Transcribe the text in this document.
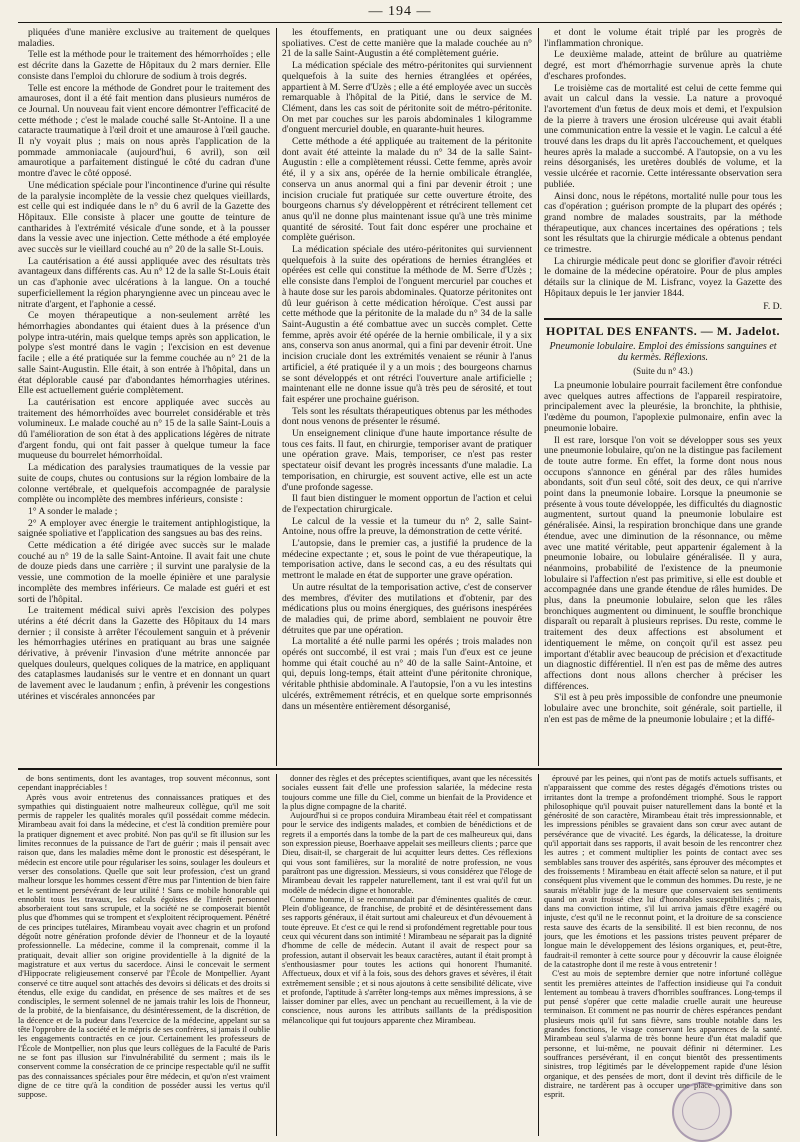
— 194 —

pliquées d'une manière exclusive au traitement de quelques maladies.

Telle est la méthode pour le traitement des hémorrhoïdes ; elle est décrite dans la Gazette de Hôpitaux du 2 mars dernier. Elle consiste dans l'emploi du chlorure de sodium à trois degrés.

Telle est encore la méthode de Gondret pour le traitement des amauroses, dont il a été fait mention dans plusieurs numéros de ce Journal. Un nouveau fait vient encore démontrer l'efficacité de cette méthode ; c'est le malade couché salle St-Antoine. Il a une cataracte traumatique à l'œil droit et une amaurose à l'œil gauche. Il n'y voyait plus ; mais on nous après l'application de la pommade ammoniacale (aujourd'hui, 6 avril), son œil amaurotique a parfaitement distingué le côté du cadran d'une montre d'avec le côté opposé.

Une médication spéciale pour l'incontinence d'urine qui résulte de la paralysie incomplète de la vessie chez quelques vieillards, est celle qui est indiquée dans le n° du 6 avril de la Gazette des Hôpitaux. Elle consiste à placer une goutte de teinture de cantharides à l'extrémité vésicale d'une sonde, et à la pousser dans la vessie avec une injection. Cette méthode a été employée avec succès sur le vieillard couché au n° 20 de la salle St-Louis.

La cautérisation a été aussi appliquée avec des résultats très avantageux dans différents cas. Au n° 12 de la salle St-Louis était un cas d'aphonie avec ulcérations à la langue. On a touché superficiellement la région pharyngienne avec un pinceau avec le nitrate d'argent, et l'aphonie a cessé.

Ce moyen thérapeutique a non-seulement arrêté les hémorrhagies abondantes qui étaient dues à la présence d'un polype intra-utérin, mais quelque temps après son application, le polype s'est montré dans le vagin ; l'excision en est devenue facile ; elle a été pratiquée sur la femme couchée au n° 21 de la salle Saint-Augustin. Elle était, à son entrée à l'hôpital, dans un état déplorable causé par d'abondantes hémorrhagies utérines. Elle est actuellement guérie complètement.

La cautérisation est encore appliquée avec succès au traitement des hémorrhoïdes avec bourrelet considérable et très volumineux. Le malade couché au n° 15 de la salle Saint-Louis a dû l'amélioration de son état à des applications légères de nitrate d'argent fondu, qui ont fait passer à quelque tumeur la face muqueuse du bourrelet hémorrhoïdal.

La médication des paralysies traumatiques de la vessie par suite de coups, chutes ou contusions sur la région lombaire de la colonne vertébrale, et quelquefois accompagnée de paralysie complète ou incomplète des membres inférieurs, consiste :

1° A sonder le malade ;

2° A employer avec énergie le traitement antiphlogistique, la saignée spoliative et l'application des sangsues au bas des reins.

Cette médication a été dirigée avec succès sur le malade couché au n° 19 de la salle Saint-Antoine. Il avait fait une chute de douze pieds dans une carrière ; il survint une paralysie de la vessie, une commotion de la moelle épinière et une paralysie incomplète des membres inférieurs. Ce malade est guéri et est sorti de l'hôpital.

Le traitement médical suivi après l'excision des polypes utérins a été décrit dans la Gazette des Hôpitaux du 14 mars dernier ; il consiste à arrêter l'écoulement sanguin et à prévenir les hémorrhagies utérines en pratiquant au bras une saignée dérivative, à prévenir l'invasion d'une métrite annoncée par quelques douleurs, quelques coliques de la matrice, en appliquant des cataplasmes laudanisés sur le ventre et en donnant un quart de lavement avec le laudanum ; enfin, à prévenir les congestions utérines et viscérales annoncées par

les étouffements, en pratiquant une ou deux saignées spoliatives. C'est de cette manière que la malade couchée au n° 21 de la salle Saint-Augustin a été complètement guérie.

La médication spéciale des métro-péritonites qui surviennent quelquefois à la suite des hernies étranglées et opérées, appartient à M. Serre d'Uzès ; elle a été employée avec un succès remarquable à l'hôpital de la Pitié, dans le service de M. Clément, dans les cas soit de péritonite soit de métro-péritonite. On met par couches sur les parois abdominales 1 kilogramme d'onguent mercuriel double, en quarante-huit heures.

Cette méthode a été appliquée au traitement de la péritonite dont avait été atteinte la malade du n° 34 de la salle Saint-Augustin : elle a complètement réussi. Cette femme, après avoir été, il y a six ans, opérée de la hernie ombilicale étranglée, conserva un anus anormal qui a fini par devenir étroit ; une incision cruciale fut pratiquée sur cette ouverture étroite, des bourgeons charnus s'y développèrent et rétrécirent tellement cet anus qu'il ne donne plus maintenant issue qu'à une très minime quantité de sérosité. Tout fait donc espérer une prochaine et complète guérison.

La médication spéciale des utéro-péritonites qui surviennent quelquefois à la suite des opérations de hernies étranglées et opérées est celle qui constitue la méthode de M. Serre d'Uzès ; elle consiste dans l'emploi de l'onguent mercuriel par couches et à haute dose sur les parois abdominales. Quatorze péritonites ont dû leur guérison à cette médication héroïque. C'est aussi par cette méthode que la péritonite de la malade du n° 34 de la salle Saint-Augustin a été combattue avec un succès complet. Cette femme, après avoir été opérée de la hernie ombilicale, il y a six ans, conserva son anus anormal, qui a fini par devenir étroit. Une incision cruciale dont les extrémités venaient se réunir à l'anus artificiel, a été pratiquée il y a un mois ; des bourgeons charnus se sont développés et ont rétréci l'ouverture anale artificielle ; maintenant elle ne donne issue qu'à très peu de sérosité, et tout fait espérer une prochaine guérison.

Tels sont les résultats thérapeutiques obtenus par les méthodes dont nous venons de présenter le résumé.

Un enseignement clinique d'une haute importance résulte de tous ces faits. Il faut, en chirurgie, temporiser avant de pratiquer une opération grave. Mais, temporiser, ce n'est pas rester spectateur oisif devant les progrès incessants d'une maladie. La temporisation, en chirurgie, est souvent active, elle est un acte d'une profonde sagesse.

Il faut bien distinguer le moment opportun de l'action et celui de l'expectation chirurgicale.

Le calcul de la vessie et la tumeur du n° 2, salle Saint-Antoine, nous offre la preuve, la démonstration de cette vérité.

L'autopsie, dans le premier cas, a justifié la prudence de la médecine expectante ; et, sous le point de vue thérapeutique, la temporisation active, dans le second cas, a eu des résultats qui mettront le malade en état de supporter une grave opération.

Un autre résultat de la temporisation active, c'est de conserver des membres, d'éviter des mutilations et d'obtenir, par des médications plus ou moins énergiques, des guérisons inespérées de maladies qui, de prime abord, semblaient ne pouvoir être détruites que par une opération.

La mortalité a été nulle parmi les opérés ; trois malades non opérés ont succombé, il est vrai ; mais l'un d'eux est ce jeune homme qui était couché au n° 40 de la salle Saint-Antoine, et qui, depuis long-temps, était atteint d'une péritonite chronique, véritable phthisie abdominale. A l'autopsie, l'on a vu les intestins ulcérés, extrêmement rétrécis, et en quelque sorte emprisonnés dans un mésentère entièrement désorganisé,

et dont le volume était triplé par les progrès de l'inflammation chronique.

Le deuxième malade, atteint de brûlure au quatrième degré, est mort d'hémorrhagie survenue après la chute d'eschares profondes.

Le troisième cas de mortalité est celui de cette femme qui avait un calcul dans la vessie. La nature a provoqué l'avortement d'un fœtus de deux mois et demi, et l'expulsion de la pierre à travers une érosion ulcéreuse qui avait établi une communication entre la vessie et le vagin. Le calcul a été trouvé dans les draps du lit après l'accouchement, et quelques heures après la malade a succombé. A l'autopsie, on a vu les reins désorganisés, les uretères doublés de volume, et la vessie ulcérée et racornie. Cette intéressante observation sera publiée.

Ainsi donc, nous le répétons, mortalité nulle pour tous les cas d'opération ; guérison prompte de la plupart des opérés ; grand nombre de malades soustraits, par la méthode thérapeutique, aux chances incertaines des opérations ; tels sont les résultats que la chirurgie médicale a obtenus pendant ce trimestre.

La chirurgie médicale peut donc se glorifier d'avoir rétréci le domaine de la médecine opératoire. Pour de plus amples détails sur la clinique de M. Lisfranc, voyez la Gazette des Hôpitaux depuis le 1er janvier 1844.

F. D.
HOPITAL DES ENFANTS. — M. Jadelot.
Pneumonie lobulaire. Emploi des émissions sanguines et du kermès. Réflexions.
(Suite du n° 43.)

La pneumonie lobulaire pourrait facilement être confondue avec quelques autres affections de l'appareil respiratoire, principalement avec la pleurésie, la bronchite, la phthisie, l'œdème du poumon, l'apoplexie pulmonaire, enfin avec la pneumonie lobaire.

Il est rare, lorsque l'on voit se développer sous ses yeux une pneumonie lobulaire, qu'on ne la distingue pas facilement de toute autre forme. En effet, la forme dont nous nous occupons s'annonce en général par des râles humides abondants, soit d'un seul côté, soit des deux, ce qui n'arrive point dans la pneumonie lobaire. Lorsque la pneumonie se présente à vous toute développée, les difficultés du diagnostic augmentent, surtout quand la pneumonie lobulaire est généralisée. Ainsi, la respiration bronchique dans une grande étendue, avec une diminution de la résonnance, ou même avec une matité véritable, peut appartenir également à la pneumonie lobaire, ou lobulaire généralisée. Il y aura, néanmoins, probabilité de l'existence de la pneumonie lobulaire si l'affection n'est pas primitive, si elle est double et accompagnée dans une grande étendue de râles humides. De plus, dans la pneumonie lobulaire, selon que les râles bronchiques augmentent ou diminuent, le souffle bronchique disparaît ou reparaît à plusieurs reprises. Du reste, comme le traitement des deux affections est absolument et identiquement le même, on conçoit qu'il est assez peu important d'établir avec beaucoup de précision et d'exactitude un diagnostic différentiel. Il n'en est pas de même des autres affections dont nous allons chercher à préciser les différences.

S'il est à peu près impossible de confondre une pneumonie lobulaire avec une bronchite, soit générale, soit partielle, il n'en est pas de même de la pneumonie lobulaire ; et la diffé-

de bons sentiments, dont les avantages, trop souvent méconnus, sont cependant inappréciables !

Après vous avoir entretenus des connaissances pratiques et des sympathies qui distinguaient notre malheureux collègue, qu'il me soit permis de rappeler les qualités morales qu'il possédait comme médecin. Mirambeau avait foi dans la médecine, et c'est là condition première pour la pratiquer dignement et avec probité. Non pas qu'il se fît illusion sur les limites reconnues de la puissance de l'art de guérir ; mais il pensait avec raison que, dans les maladies même dont le pronostic est désespérant, le médecin est encore utile pour régulariser les soins, soulager les douleurs et verser des consolations. Quelle que soit leur profession, c'est un grand malheur lorsque les hommes cessent d'être mus par l'intention de bien faire et le sentiment persévérant de leur utilité ! Sans ce mobile honorable qui ennoblit tous les travaux, les calculs égoïstes de l'intérêt personnel absorberaient tout sans scrupule, et la société ne se composerait bientôt plus que d'hommes qui se trompent et s'exploitent réciproquement. Pénétré de ces principes tutélaires, Mirambeau voyait avec chagrin et un profond dégoût notre génération profonde dévier de l'honneur et de la loyauté professionnelle. La médecine, comme il la comprenait, comme il la pratiquait, devait allier son origine providentielle à la dignité de la magistrature et aux vertus du sacerdoce. Ainsi le concevait le serment d'Hippocrate religieusement conservé par l'École de Montpellier. Ayant conservé ce titre auquel sont attachés des devoirs si délicats et des droits si étendus, elle exige du candidat, en présence de ses maîtres et de ses condisciples, le serment solennel de ne jamais trahir les lois de l'honneur, de la probité, de la bienfaisance, du désintéressement, de la discrétion, de la décence et de la pudeur dans l'exercice de la médecine, appelant sur sa tête l'opprobre de la société et le mépris de ses confrères, si jamais il oublie les engagements contractés en ce jour. Certainement les professeurs de l'École de Montpellier, non plus que leurs collègues de la Faculté de Paris ne se font pas illusion sur l'invulnérabilité du serment ; mais ils le conservent comme la consécration de ce principe respectable qu'il ne suffit pas des connaissances spéciales pour être médecin, et qu'on n'est vraiment digne de ce titre qu'à la condition de posséder aussi les vertus qu'il suppose.

donner des règles et des préceptes scientifiques, avant que les nécessités sociales eussent fait d'elle une profession salariée, la médecine resta toujours comme une fille du Ciel, comme un bienfait de la Providence et la plus digne compagne de la charité.

Aujourd'hui si ce propos conduira Mirambeau était réel et compatissant pour le service des indigents malades, et combien de bénédictions et de regrets il a emportés dans la tombe de la part de ces malheureux qui, dans son expression pieuse, Boerhaave appelait ses meilleurs clients ; parce que Dieu, disait-il, se chargerait de lui acquitter leurs dettes. Ces réflexions qui vous sont familières, sur la moralité de notre profession, ne vous paraîtront pas une digression. Messieurs, si vous considérez que l'éloge de Mirambeau devait les rappeler naturellement, tant il est vrai qu'il fut un modèle de médecin digne et honorable.

Comme homme, il se recommandait par d'éminentes qualités de cœur. Plein d'obligeance, de franchise, de probité et de désintéressement dans ses rapports généraux, il était surtout ami chaleureux et d'un dévouement à toute épreuve. Et c'est ce qui le rend si profondément regrettable pour tous ceux qui vécurent dans son intimité ! Mirambeau ne séparait pas la dignité d'homme de celle de médecin. Autant il avait de respect pour sa profession, autant il observait les beaux caractères, autant il était prompt à s'enthousiasmer pour toutes les actions qui honorent l'humanité. Affectueux, doux et vif à la fois, sous des dehors graves et sévères, il était extrêmement sensible ; et si nous ajoutons à cette sensibilité délicate, vive et profonde, l'aptitude à s'arrêter long-temps aux mêmes impressions, à se laisser dominer par elles, avec un penchant au recueillement, à la vie de conscience, nous aurons les attributs saillants de la prédisposition mélancolique qui fut toujours apparente chez Mirambeau.

éprouvé par les peines, qui n'ont pas de motifs actuels suffisants, et n'apparaissent que comme des restes dégagés d'émotions tristes ou irritantes dont la trempe a profondément triomphé. Sous le rapport philosophique qu'il pouvait puiser naturellement dans la bonté et la générosité de son caractère, Mirambeau était très impressionnable, et les impressions pénibles se gravaient dans son cœur avec autant de persévérance que de vivacité. Les égards, la délicatesse, la droiture qu'il apportait dans ses rapports, il avait besoin de les rencontrer chez les autres ; et comment multiplier les points de contact avec ses semblables sans trouver des aspérités, sans éprouver des mécomptes et des froissements ! Mirambeau en était affecté selon sa nature, et il put conséquent plus vivement que le commun des hommes. Du reste, je ne saurais m'établir juge de la mesure que conservaient ses sentiments quand on avait froissé chez lui d'honorables susceptibilités ; mais, dans ma conviction intime, s'il lui arriva jamais d'être exagéré ou injuste, c'est qu'il ne le reconnut point, et la droiture de sa conscience resta sauve des écarts de la sensibilité. Il est bien reconnu, de nos jours, que les émotions et les passions tristes peuvent préparer de longue main le développement des lésions organiques, et, peut-être, faudrait-il remonter à cette source pour y découvrir la cause éloignée de la catastrophe dont il me reste à vous entretenir !

C'est au mois de septembre dernier que notre infortuné collègue sentit les premières atteintes de l'affection insidieuse qui l'a conduit lentement au tombeau à travers d'horribles souffrances. Long-temps il put pensé s'opérer que cette maladie cruelle aurait une heureuse terminaison. Et comment ne pas nourrir de chères espérances pendant plusieurs mois qu'il fut sans fièvre, sans trouble notable dans les grandes fonctions, le visage conservant les apparences de la santé. Mirambeau seul s'alarma de très bonne heure d'un état maladif que personne, et lui-même, ne pouvait définir ni déterminer. Les souffrances persévérant, il en conçut bientôt des pressentiments sinistres, trop légitimés par le développement rapide d'une lésion organique, et des pensées de mort, dont il devint très difficile de le distraire, ne tardèrent pas à occuper une place primitive dans son esprit.
